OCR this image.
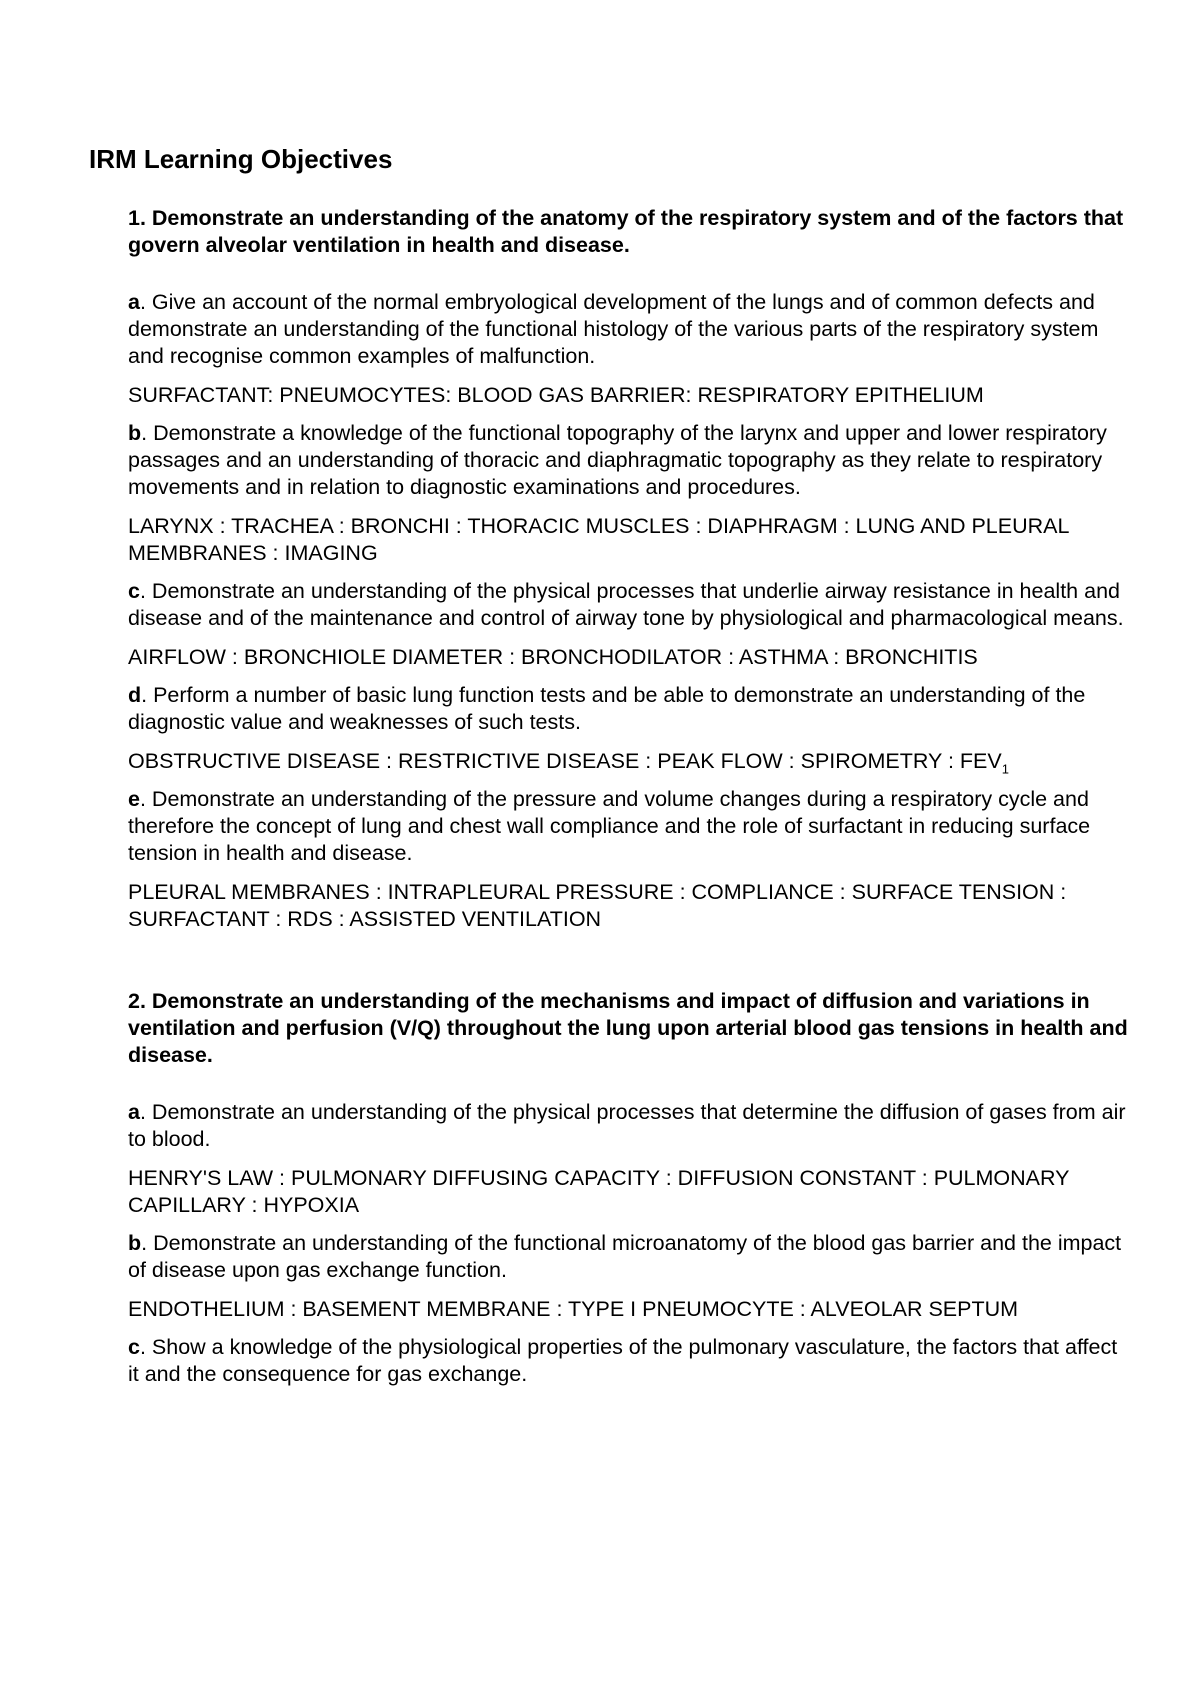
IRM Learning Objectives

1. Demonstrate an understanding of the anatomy of the respiratory system and of the factors that govern alveolar ventilation in health and disease.

a. Give an account of the normal embryological development of the lungs and of common defects and demonstrate an understanding of the functional histology of the various parts of the respiratory system and recognise common examples of malfunction.

SURFACTANT: PNEUMOCYTES: BLOOD GAS BARRIER: RESPIRATORY EPITHELIUM

b. Demonstrate a knowledge of the functional topography of the larynx and upper and lower respiratory passages and an understanding of thoracic and diaphragmatic topography as they relate to respiratory movements and in relation to diagnostic examinations and procedures.

LARYNX : TRACHEA : BRONCHI : THORACIC MUSCLES : DIAPHRAGM : LUNG AND PLEURAL MEMBRANES : IMAGING

c. Demonstrate an understanding of the physical processes that underlie airway resistance in health and disease and of the maintenance and control of airway tone by physiological and pharmacological means.

AIRFLOW : BRONCHIOLE DIAMETER : BRONCHODILATOR : ASTHMA : BRONCHITIS

d. Perform a number of basic lung function tests and be able to demonstrate an understanding of the diagnostic value and weaknesses of such tests.

OBSTRUCTIVE DISEASE : RESTRICTIVE DISEASE : PEAK FLOW : SPIROMETRY : $FEV_1$

e. Demonstrate an understanding of the pressure and volume changes during a respiratory cycle and therefore the concept of lung and chest wall compliance and the role of surfactant in reducing surface tension in health and disease.

PLEURAL MEMBRANES : INTRAPLEURAL PRESSURE : COMPLIANCE : SURFACE TENSION : SURFACTANT : RDS : ASSISTED VENTILATION

2. Demonstrate an understanding of the mechanisms and impact of diffusion and variations in ventilation and perfusion (V/Q) throughout the lung upon arterial blood gas tensions in health and disease.

a. Demonstrate an understanding of the physical processes that determine the diffusion of gases from air to blood.

HENRY'S LAW : PULMONARY DIFFUSING CAPACITY : DIFFUSION CONSTANT : PULMONARY CAPILLARY : HYPOXIA

b. Demonstrate an understanding of the functional microanatomy of the blood gas barrier and the impact of disease upon gas exchange function.

ENDOTHELIUM : BASEMENT MEMBRANE : TYPE I PNEUMOCYTE : ALVEOLAR SEPTUM

c. Show a knowledge of the physiological properties of the pulmonary vasculature, the factors that affect it and the consequence for gas exchange.
